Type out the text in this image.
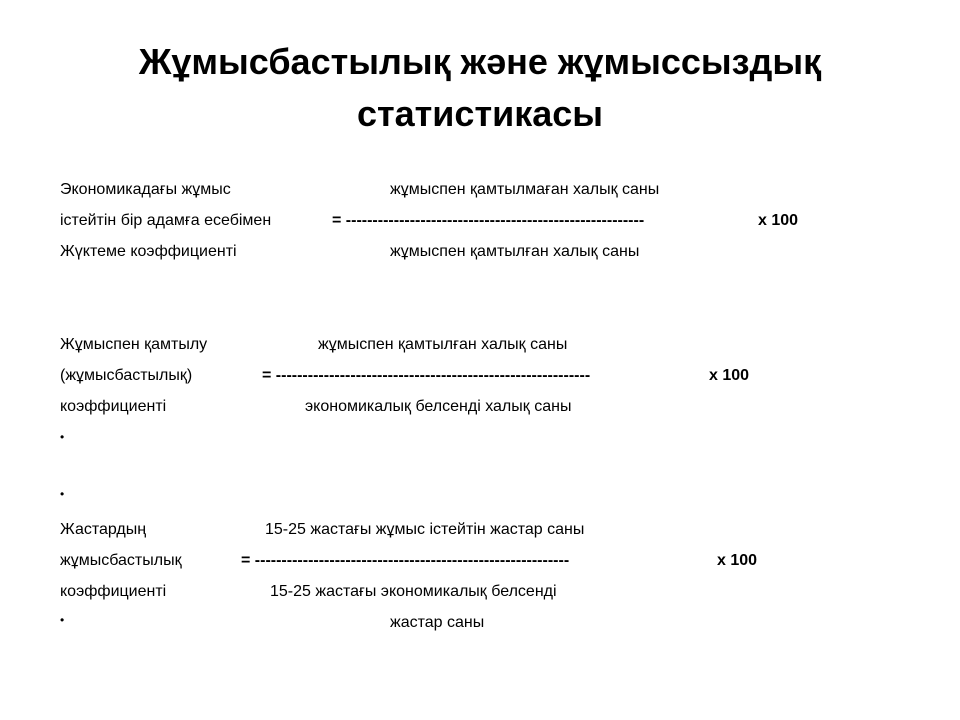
Жұмысбастылық және жұмыссыздық
статистикасы
Экономикадағы жұмыс	жұмыспен қамтылмаған халық саны
істейтін бір адамға есебімен	= --------------------------------------------------------	x 100
Жүктеме коэффициенті	жұмыспен қамтылған халық саны
Жұмыспен қамтылу	жұмыспен қамтылған халық саны
(жұмысбастылық)	= -----------------------------------------------------------	x 100
коэффициенті	экономикалық белсенді халық саны
•
•
Жастардың	15-25 жастағы жұмыс істейтін жастар саны
жұмысбастылық	= -----------------------------------------------------------	x 100
коэффициенті	15-25 жастағы экономикалық белсенді
•	жастар саны
